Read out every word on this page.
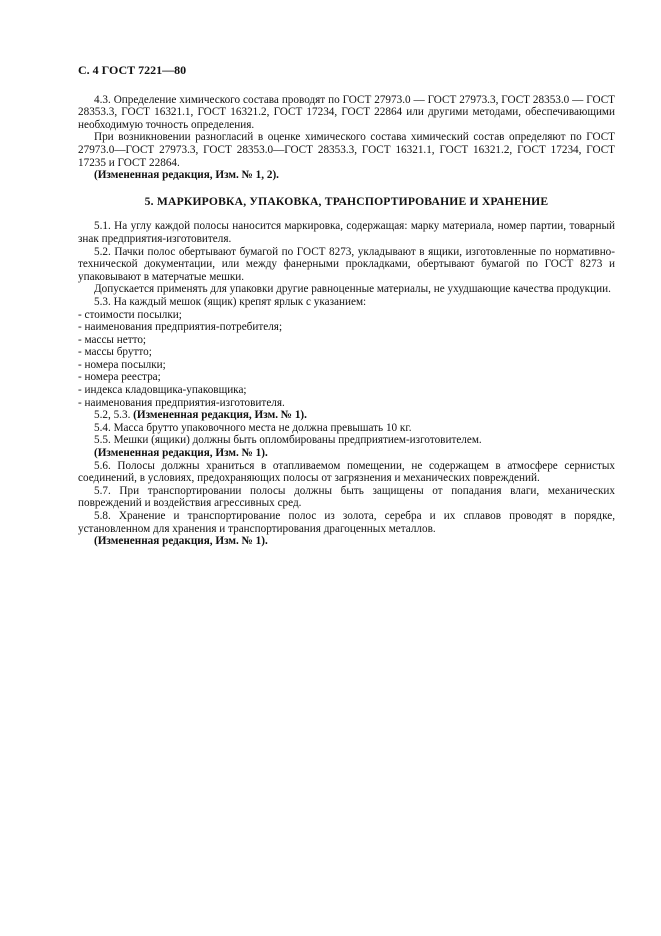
С. 4 ГОСТ 7221—80

4.3. Определение химического состава проводят по ГОСТ 27973.0 — ГОСТ 27973.3, ГОСТ 28353.0 — ГОСТ 28353.3, ГОСТ 16321.1, ГОСТ 16321.2, ГОСТ 17234, ГОСТ 22864 или другими методами, обеспечивающими необходимую точность определения.

При возникновении разногласий в оценке химического состава химический состав определяют по ГОСТ 27973.0—ГОСТ 27973.3, ГОСТ 28353.0—ГОСТ 28353.3, ГОСТ 16321.1, ГОСТ 16321.2, ГОСТ 17234, ГОСТ 17235 и ГОСТ 22864.

(Измененная редакция, Изм. № 1, 2).

5. МАРКИРОВКА, УПАКОВКА, ТРАНСПОРТИРОВАНИЕ И ХРАНЕНИЕ

5.1. На углу каждой полосы наносится маркировка, содержащая: марку материала, номер партии, товарный знак предприятия-изготовителя.

5.2. Пачки полос обертывают бумагой по ГОСТ 8273, укладывают в ящики, изготовленные по нормативно-технической документации, или между фанерными прокладками, обертывают бумагой по ГОСТ 8273 и упаковывают в матерчатые мешки.

Допускается применять для упаковки другие равноценные материалы, не ухудшающие качества продукции.

5.3. На каждый мешок (ящик) крепят ярлык с указанием:

- стоимости посылки;

- наименования предприятия-потребителя;

- массы нетто;

- массы брутто;

- номера посылки;

- номера реестра;

- индекса кладовщика-упаковщика;

- наименования предприятия-изготовителя.

5.2, 5.3. (Измененная редакция, Изм. № 1).

5.4. Масса брутто упаковочного места не должна превышать 10 кг.

5.5. Мешки (ящики) должны быть опломбированы предприятием-изготовителем.

(Измененная редакция, Изм. № 1).

5.6. Полосы должны храниться в отапливаемом помещении, не содержащем в атмосфере сернистых соединений, в условиях, предохраняющих полосы от загрязнения и механических повреждений.

5.7. При транспортировании полосы должны быть защищены от попадания влаги, механических повреждений и воздействия агрессивных сред.

5.8. Хранение и транспортирование полос из золота, серебра и их сплавов проводят в порядке, установленном для хранения и транспортирования драгоценных металлов.

(Измененная редакция, Изм. № 1).
